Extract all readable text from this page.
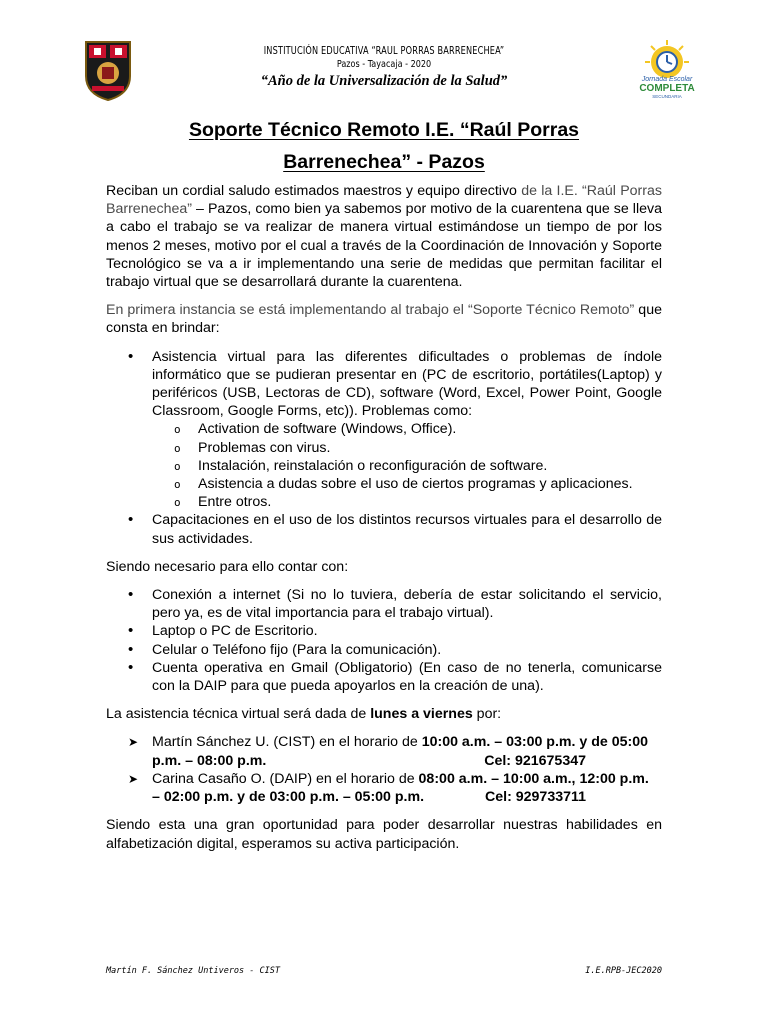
INSTITUCIÓN EDUCATIVA “RAUL PORRAS BARRENECHEA”
Pazos - Tayacaja - 2020
“Año de la Universalización de la Salud”	Jornada Escolar
COMPLETA
SECUNDARIA
Soporte Técnico Remoto I.E. “Raúl Porras Barrenechea” - Pazos

Reciban un cordial saludo estimados maestros y equipo directivo de la I.E. “Raúl Porras Barrenechea” – Pazos, como bien ya sabemos por motivo de la cuarentena que se lleva a cabo el trabajo se va realizar de manera virtual estimándose un tiempo de por los menos 2 meses, motivo por el cual a través de la Coordinación de Innovación y Soporte Tecnológico se va a ir implementando una serie de medidas que permitan facilitar el trabajo virtual que se desarrollará durante la cuarentena.

En primera instancia se está implementando al trabajo el “Soporte Técnico Remoto” que consta en brindar:

• Asistencia virtual para las diferentes dificultades o problemas de índole informático que se pudieran presentar en (PC de escritorio, portátiles(Laptop) y periféricos (USB, Lectoras de CD), software (Word, Excel, Power Point, Google Classroom, Google Forms, etc)). Problemas como:
o Activation de software (Windows, Office).
o Problemas con virus.
o Instalación, reinstalación o reconfiguración de software.
o Asistencia a dudas sobre el uso de ciertos programas y aplicaciones.
o Entre otros.
• Capacitaciones en el uso de los distintos recursos virtuales para el desarrollo de sus actividades.

Siendo necesario para ello contar con:

• Conexión a internet (Si no lo tuviera, debería de estar solicitando el servicio, pero ya, es de vital importancia para el trabajo virtual).
• Laptop o PC de Escritorio.
• Celular o Teléfono fijo (Para la comunicación).
• Cuenta operativa en Gmail (Obligatorio) (En caso de no tenerla, comunicarse con la DAIP para que pueda apoyarlos en la creación de una).

La asistencia técnica virtual será dada de lunes a viernes por:

➤ Martín Sánchez U. (CIST) en el horario de 10:00 a.m. – 03:00 p.m. y de 05:00
p.m. – 08:00 p.m.	Cel: 921675347
➤ Carina Casaño O. (DAIP) en el horario de 08:00 a.m. – 10:00 a.m., 12:00 p.m.
– 02:00 p.m. y de 03:00 p.m. – 05:00 p.m.	Cel: 929733711

Siendo esta una gran oportunidad para poder desarrollar nuestras habilidades en alfabetización digital, esperamos su activa participación.

Martín F. Sánchez Untiveros - CIST	I.E.RPB-JEC2020
